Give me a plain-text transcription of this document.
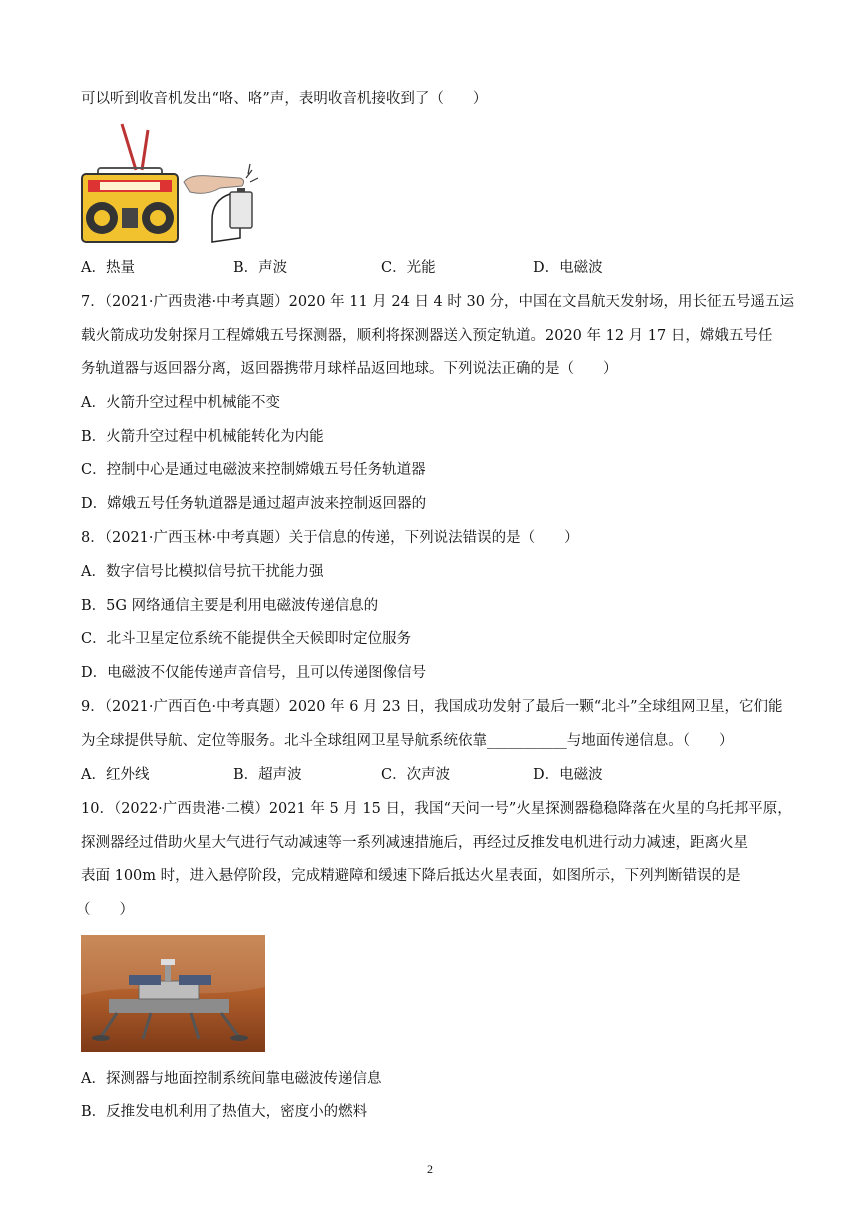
可以听到收音机发出“咯、咯”声，表明收音机接收到了（　　）
A．热量	B．声波	C．光能	D．电磁波
7．（2021·广西贵港·中考真题）2020 年 11 月 24 日 4 时 30 分，中国在文昌航天发射场，用长征五号遥五运
载火箭成功发射探月工程嫦娥五号探测器，顺利将探测器送入预定轨道。2020 年 12 月 17 日，嫦娥五号任
务轨道器与返回器分离，返回器携带月球样品返回地球。下列说法正确的是（　　）
A．火箭升空过程中机械能不变
B．火箭升空过程中机械能转化为内能
C．控制中心是通过电磁波来控制嫦娥五号任务轨道器
D．嫦娥五号任务轨道器是通过超声波来控制返回器的
8．（2021·广西玉林·中考真题）关于信息的传递，下列说法错误的是（　　）
A．数字信号比模拟信号抗干扰能力强
B．5G 网络通信主要是利用电磁波传递信息的
C．北斗卫星定位系统不能提供全天候即时定位服务
D．电磁波不仅能传递声音信号，且可以传递图像信号
9．（2021·广西百色·中考真题）2020 年 6 月 23 日，我国成功发射了最后一颗“北斗”全球组网卫星，它们能
为全球提供导航、定位等服务。北斗全球组网卫星导航系统依靠___________与地面传递信息。（　　）
A．红外线	B．超声波	C．次声波	D．电磁波
10．（2022·广西贵港·二模）2021 年 5 月 15 日，我国“天问一号”火星探测器稳稳降落在火星的乌托邦平原，
探测器经过借助火星大气进行气动减速等一系列减速措施后，再经过反推发电机进行动力减速，距离火星
表面 100m 时，进入悬停阶段，完成精避障和缓速下降后抵达火星表面，如图所示，下列判断错误的是
（　　）
A．探测器与地面控制系统间靠电磁波传递信息
B．反推发电机利用了热值大，密度小的燃料
2
